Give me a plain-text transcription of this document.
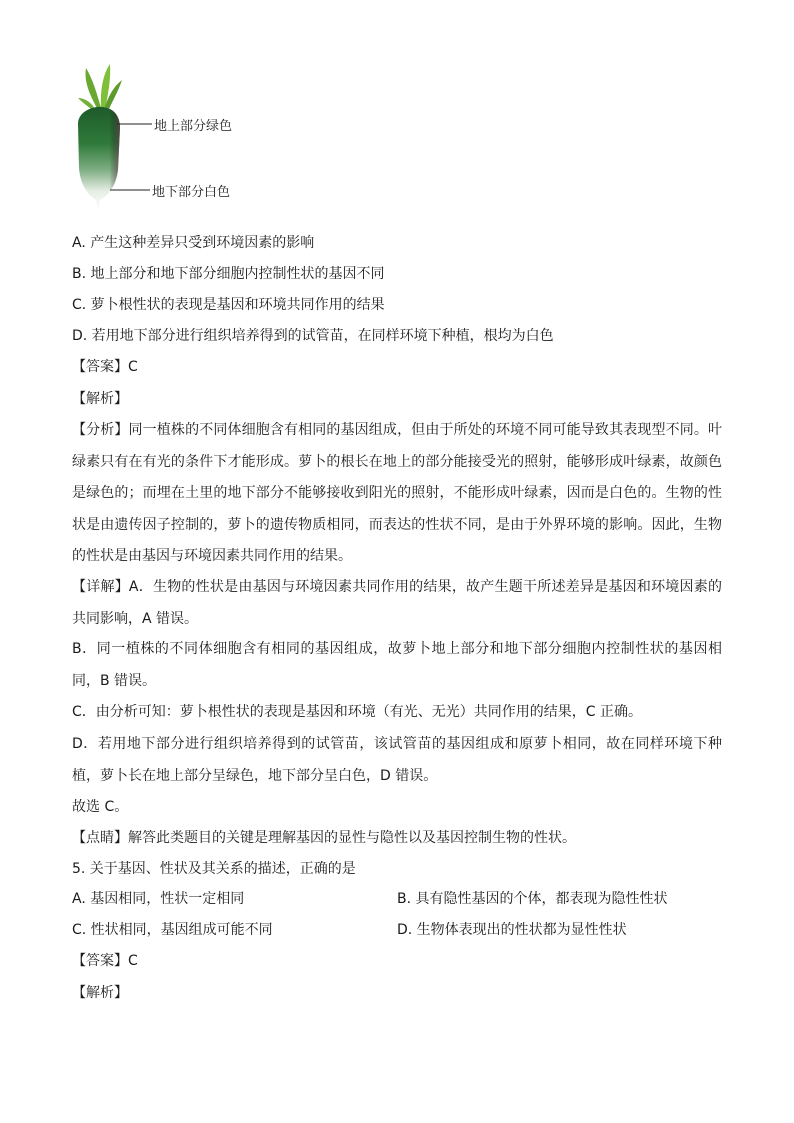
地上部分绿色
地下部分白色
A. 产生这种差异只受到环境因素的影响
B. 地上部分和地下部分细胞内控制性状的基因不同
C. 萝卜根性状的表现是基因和环境共同作用的结果
D. 若用地下部分进行组织培养得到的试管苗，在同样环境下种植，根均为白色
【答案】C
【解析】
【分析】同一植株的不同体细胞含有相同的基因组成，但由于所处的环境不同可能导致其表现型不同。叶绿素只有在有光的条件下才能形成。萝卜的根长在地上的部分能接受光的照射，能够形成叶绿素，故颜色是绿色的；而埋在土里的地下部分不能够接收到阳光的照射，不能形成叶绿素，因而是白色的。生物的性状是由遗传因子控制的，萝卜的遗传物质相同，而表达的性状不同，是由于外界环境的影响。因此，生物的性状是由基因与环境因素共同作用的结果。
【详解】A．生物的性状是由基因与环境因素共同作用的结果，故产生题干所述差异是基因和环境因素的共同影响，A 错误。
B．同一植株的不同体细胞含有相同的基因组成，故萝卜地上部分和地下部分细胞内控制性状的基因相同，B 错误。
C．由分析可知：萝卜根性状的表现是基因和环境（有光、无光）共同作用的结果，C 正确。
D．若用地下部分进行组织培养得到的试管苗，该试管苗的基因组成和原萝卜相同，故在同样环境下种植，萝卜长在地上部分呈绿色，地下部分呈白色，D 错误。
故选 C。
【点睛】解答此类题目的关键是理解基因的显性与隐性以及基因控制生物的性状。
5. 关于基因、性状及其关系的描述，正确的是
A. 基因相同，性状一定相同	B. 具有隐性基因的个体，都表现为隐性性状
C. 性状相同，基因组成可能不同	D. 生物体表现出的性状都为显性性状
【答案】C
【解析】
